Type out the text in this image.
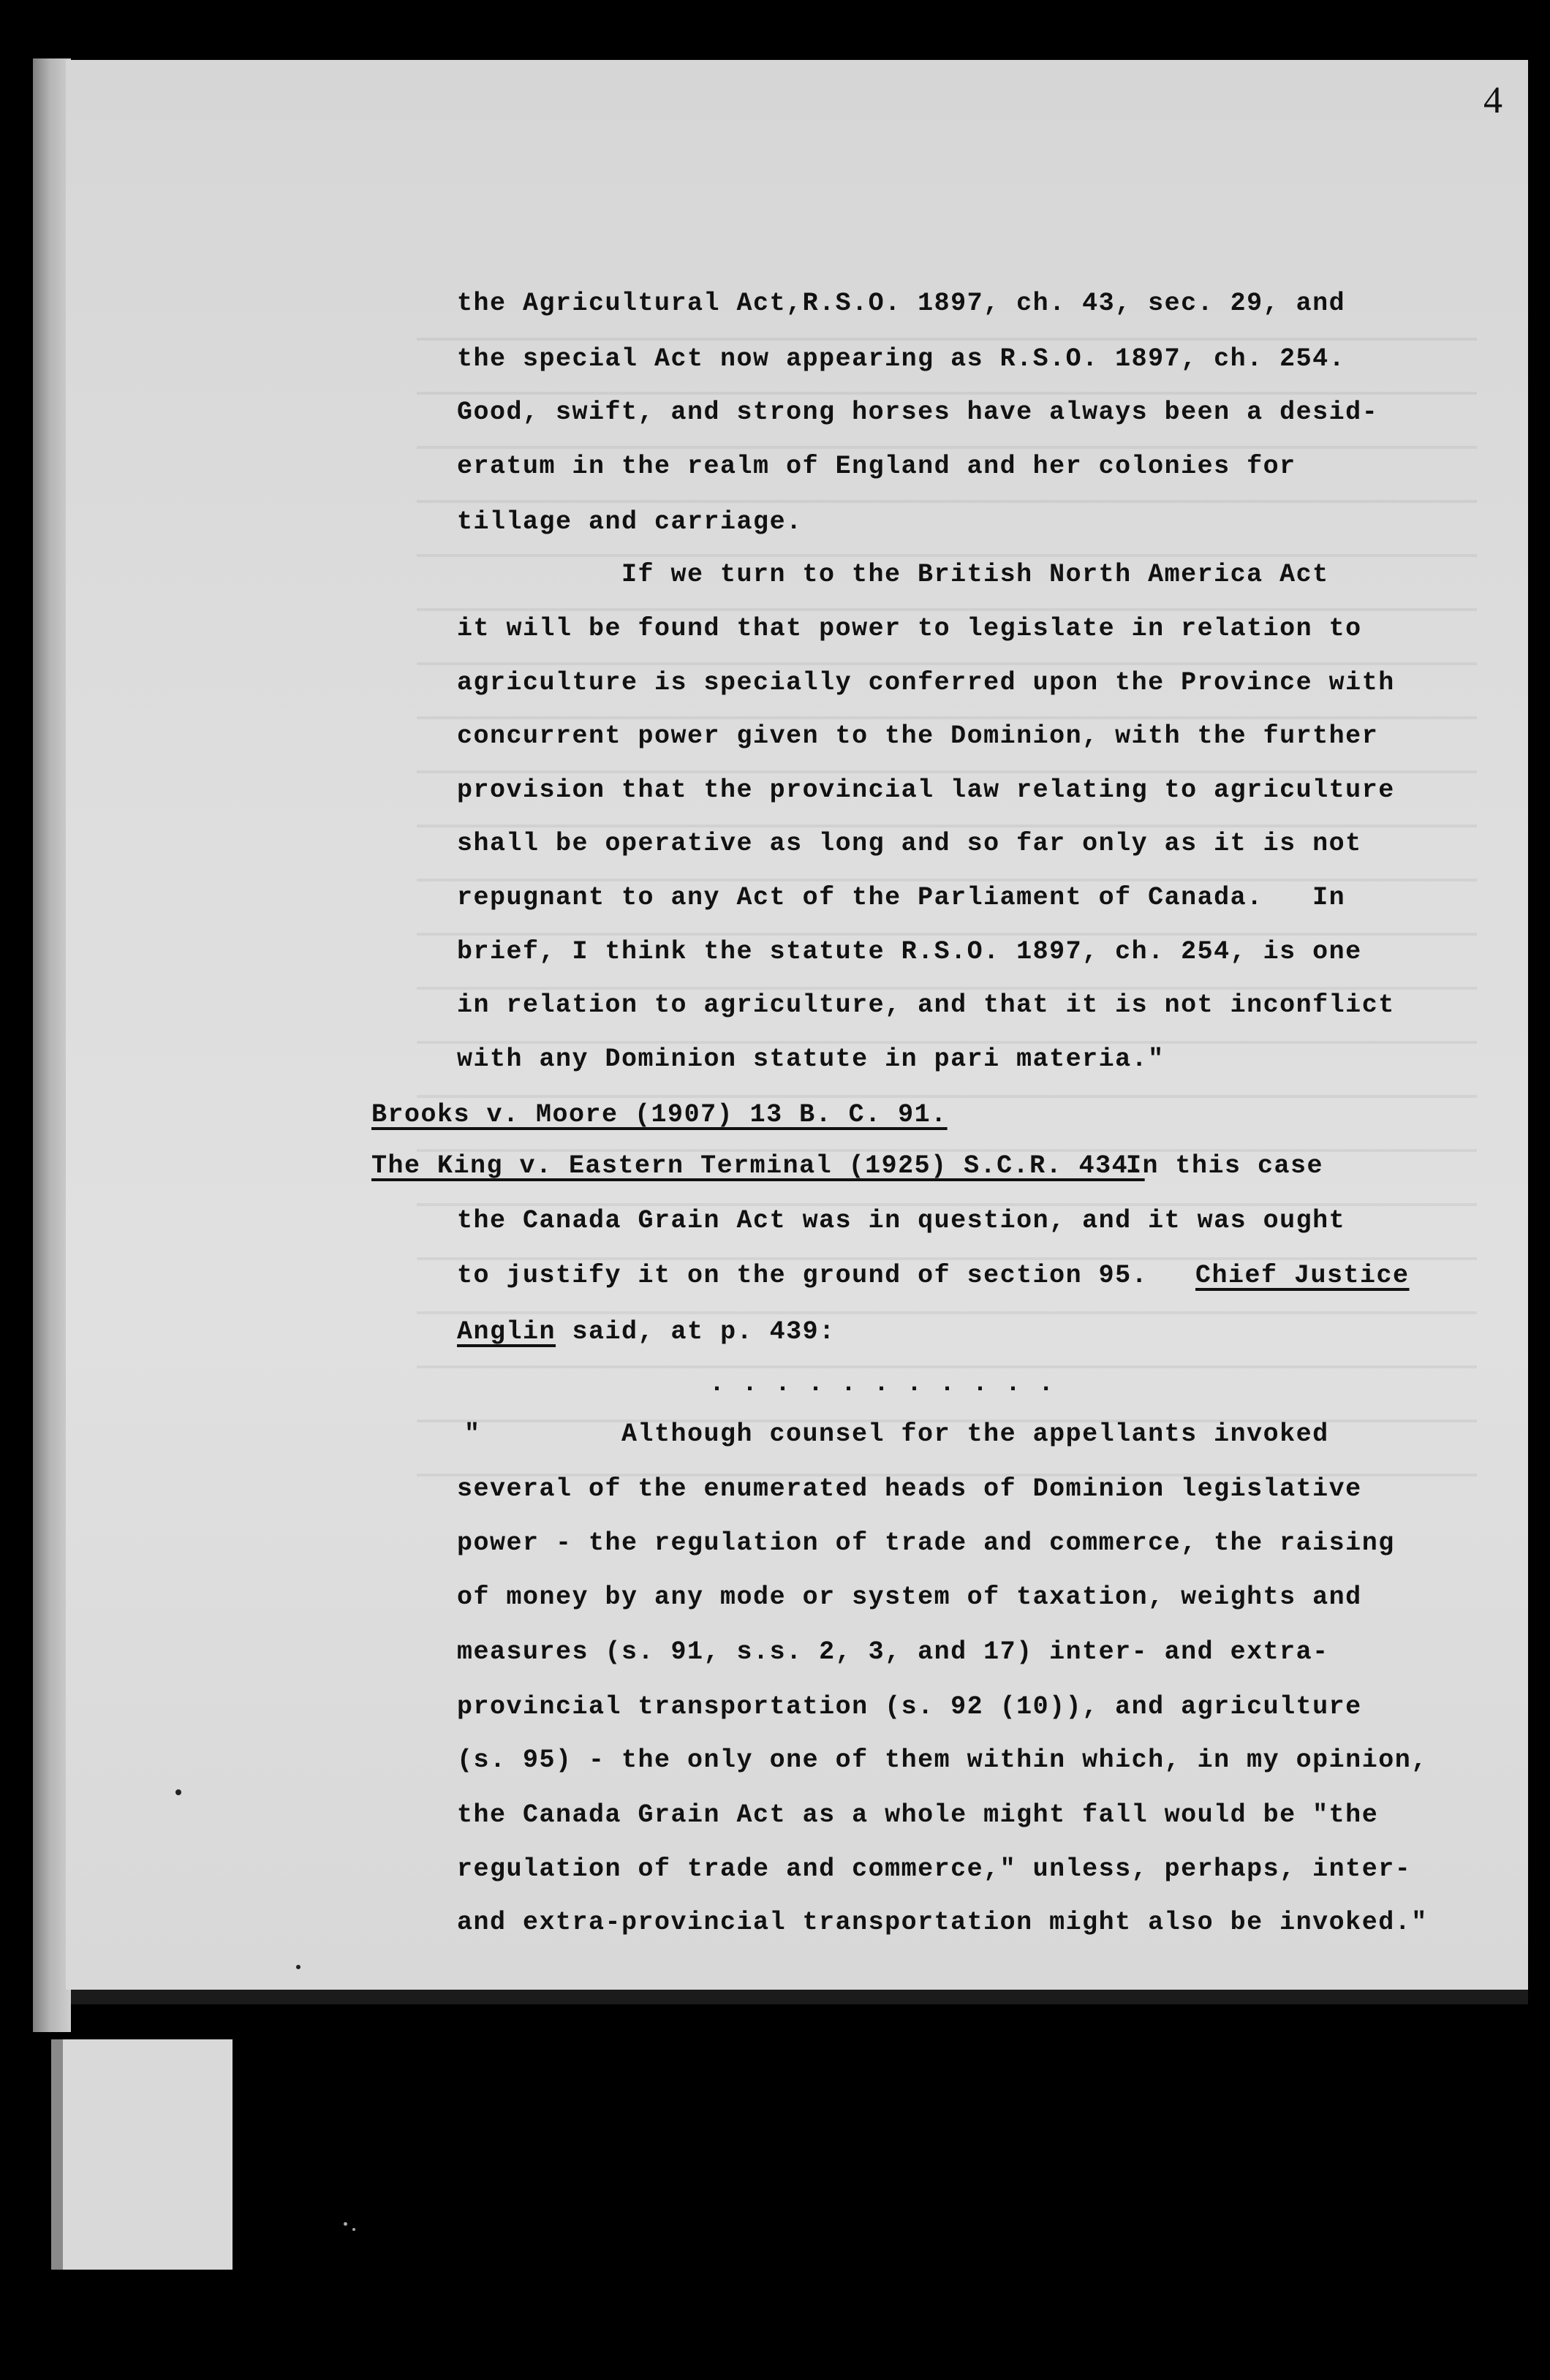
4
the Agricultural Act,R.S.O. 1897, ch. 43, sec. 29, and
the special Act now appearing as R.S.O. 1897, ch. 254.
Good, swift, and strong horses have always been a desid-
eratum in the realm of England and her colonies for
tillage and carriage.
If we turn to the British North America Act
it will be found that power to legislate in relation to
agriculture is specially conferred upon the Province with
concurrent power given to the Dominion, with the further
provision that the provincial law relating to agriculture
shall be operative as long and so far only as it is not
repugnant to any Act of the Parliament of Canada.   In
brief, I think the statute R.S.O. 1897, ch. 254, is one
in relation to agriculture, and that it is not inconflict
with any Dominion statute in pari materia."
Brooks v. Moore (1907) 13 B. C. 91.
The King v. Eastern Terminal (1925) S.C.R. 434.
In this case
the Canada Grain Act was in question, and it was ought
to justify it on the ground of section 95. Chief Justice
Anglin said, at p. 439:
. . . . . . . . . . .
"	Although counsel for the appellants invoked
several of the enumerated heads of Dominion legislative
power - the regulation of trade and commerce, the raising
of money by any mode or system of taxation, weights and
measures (s. 91, s.s. 2, 3, and 17) inter- and extra-
provincial transportation (s. 92 (10)), and agriculture
(s. 95) - the only one of them within which, in my opinion,
the Canada Grain Act as a whole might fall would be "the
regulation of trade and commerce," unless, perhaps, inter-
and extra-provincial transportation might also be invoked."
